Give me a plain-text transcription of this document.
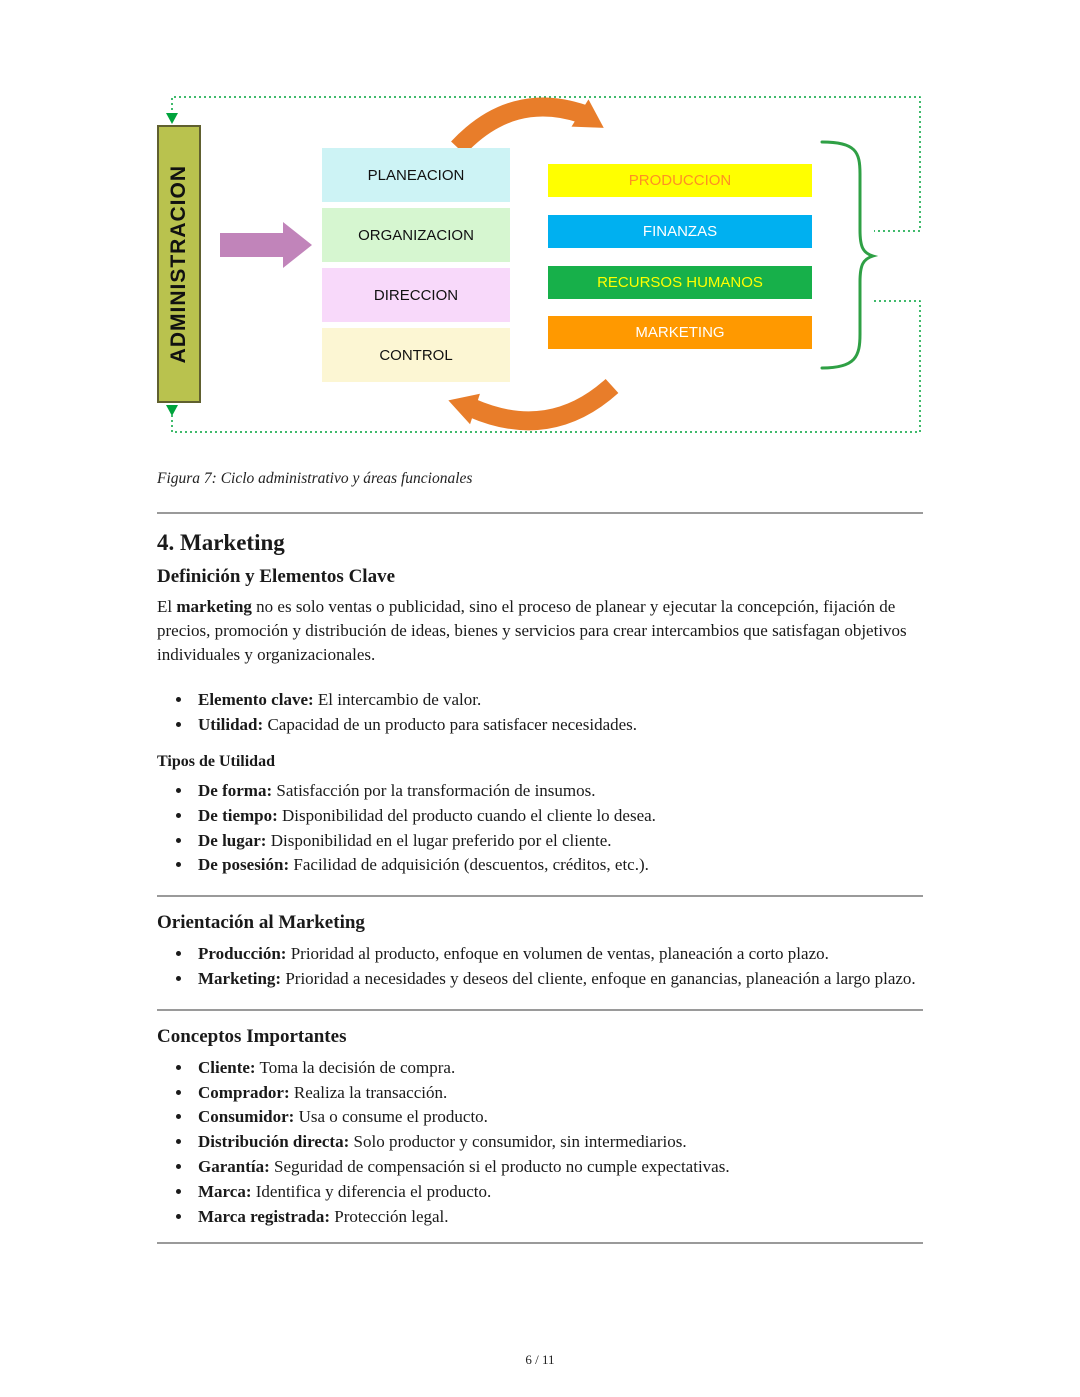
ADMINISTRACION	PLANEACION
ORGANIZACION
DIRECCION
CONTROL
PRODUCCION
FINANZAS
RECURSOS HUMANOS
MARKETING
Figura 7: Ciclo administrativo y áreas funcionales
4. Marketing
Definición y Elementos Clave

El marketing no es solo ventas o publicidad, sino el proceso de planear y ejecutar la concepción, fijación de precios, promoción y distribución de ideas, bienes y servicios para crear intercambios que satisfagan objetivos individuales y organizacionales.

• Elemento clave: El intercambio de valor.
• Utilidad: Capacidad de un producto para satisfacer necesidades.
Tipos de Utilidad
• De forma: Satisfacción por la transformación de insumos.
• De tiempo: Disponibilidad del producto cuando el cliente lo desea.
• De lugar: Disponibilidad en el lugar preferido por el cliente.
• De posesión: Facilidad de adquisición (descuentos, créditos, etc.).
Orientación al Marketing
• Producción: Prioridad al producto, enfoque en volumen de ventas, planeación a corto plazo.
• Marketing: Prioridad a necesidades y deseos del cliente, enfoque en ganancias, planeación a largo plazo.
Conceptos Importantes
• Cliente: Toma la decisión de compra.
• Comprador: Realiza la transacción.
• Consumidor: Usa o consume el producto.
• Distribución directa: Solo productor y consumidor, sin intermediarios.
• Garantía: Seguridad de compensación si el producto no cumple expectativas.
• Marca: Identifica y diferencia el producto.
• Marca registrada: Protección legal.
6 / 11
